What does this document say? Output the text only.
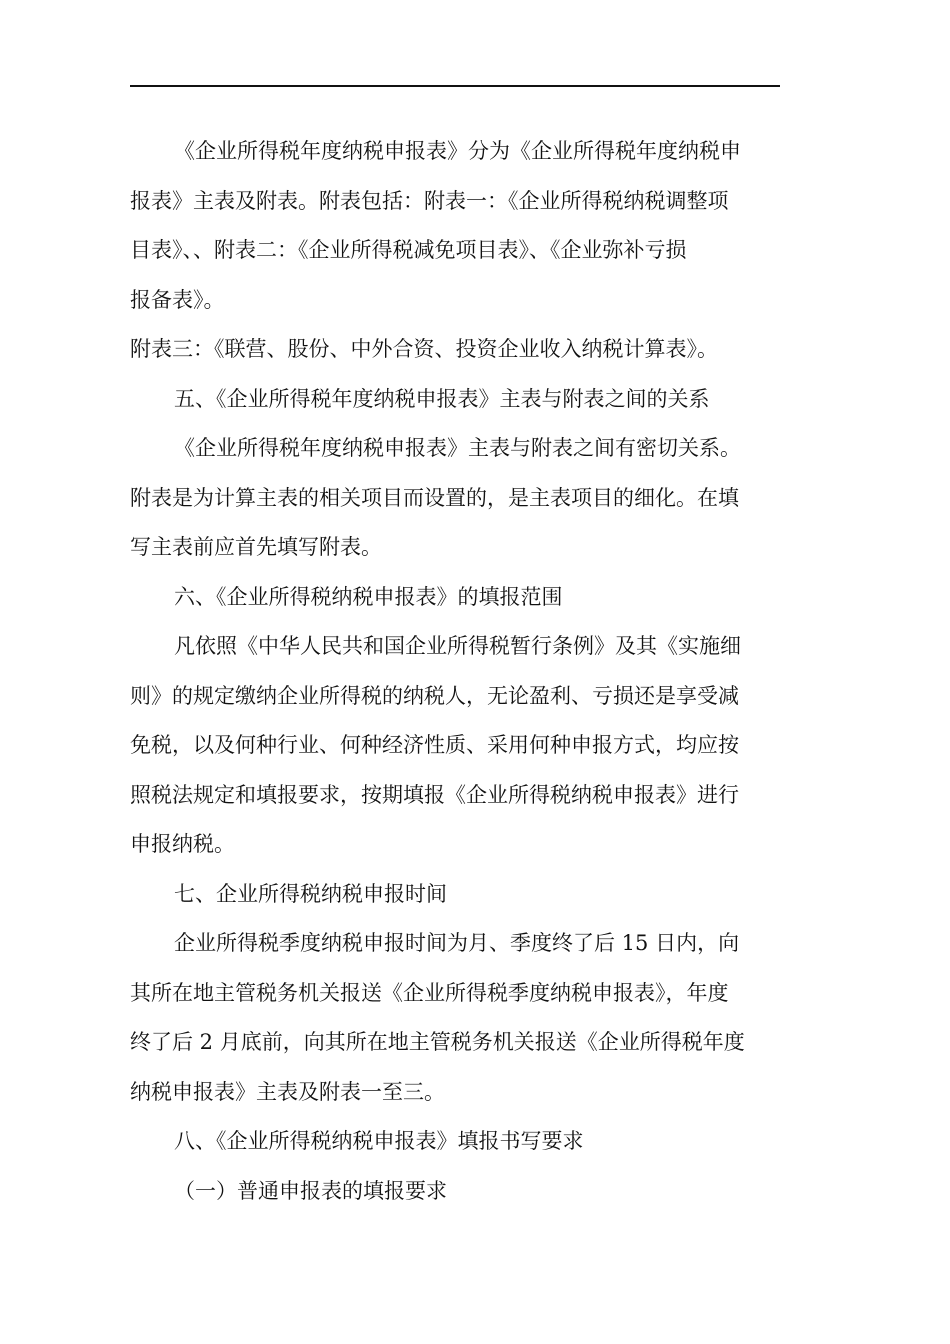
《企业所得税年度纳税申报表》分为《企业所得税年度纳税申

报表》主表及附表。附表包括：附表一：《企业所得税纳税调整项

目表》、、附表二：《企业所得税减免项目表》、《企业弥补亏损

报备表》。

附表三：《联营、股份、中外合资、投资企业收入纳税计算表》。

五、《企业所得税年度纳税申报表》主表与附表之间的关系

《企业所得税年度纳税申报表》主表与附表之间有密切关系。

附表是为计算主表的相关项目而设置的，是主表项目的细化。在填

写主表前应首先填写附表。

六、《企业所得税纳税申报表》的填报范围

凡依照《中华人民共和国企业所得税暂行条例》及其《实施细

则》的规定缴纳企业所得税的纳税人，无论盈利、亏损还是享受减

免税，以及何种行业、何种经济性质、采用何种申报方式，均应按

照税法规定和填报要求，按期填报《企业所得税纳税申报表》进行

申报纳税。

七、企业所得税纳税申报时间

企业所得税季度纳税申报时间为月、季度终了后 15 日内，向

其所在地主管税务机关报送《企业所得税季度纳税申报表》，年度

终了后 2 月底前，向其所在地主管税务机关报送《企业所得税年度

纳税申报表》主表及附表一至三。

八、《企业所得税纳税申报表》填报书写要求

（一）普通申报表的填报要求
